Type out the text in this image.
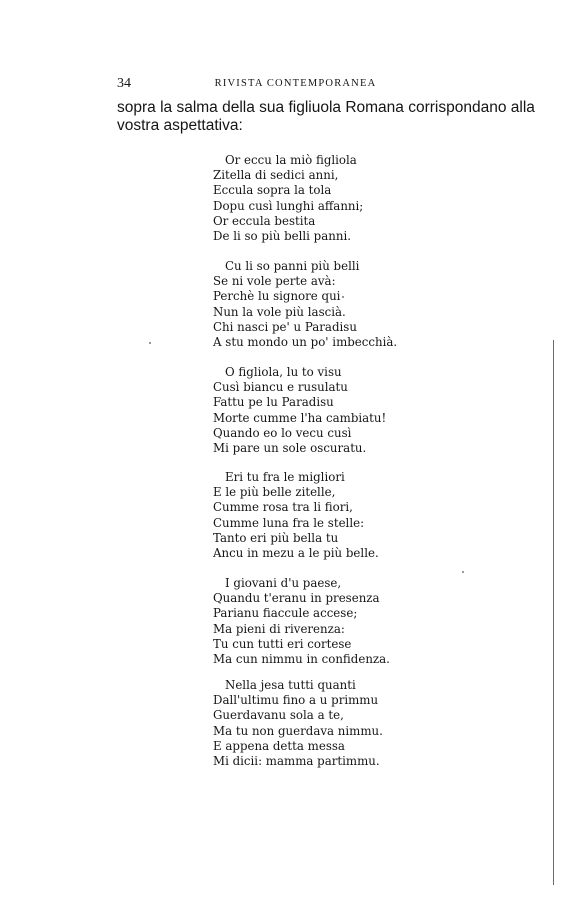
34	RIVISTA CONTEMPORANEA
sopra la salma della sua figliuola Romana corrispondano alla
vostra aspettativa:
Or eccu la miò figliola
Zitella di sedici anni,
Eccula sopra la tola
Dopu cusì lunghi affanni;
Or eccula bestita
De li so più belli panni.
Cu li so panni più belli
Se ni vole perte avà:
Perchè lu signore qui
Nun la vole più lascià.
Chi nasci pe' u Paradisu
A stu mondo un po' imbecchià.
O figliola, lu to visu
Cusì biancu e rusulatu
Fattu pe lu Paradisu
Morte cumme l'ha cambiatu!
Quando eo lo vecu cusì
Mi pare un sole oscuratu.
Eri tu fra le migliori
E le più belle zitelle,
Cumme rosa tra li fiori,
Cumme luna fra le stelle:
Tanto eri più bella tu
Ancu in mezu a le più belle.
I giovani d'u paese,
Quandu t'eranu in presenza
Parianu fiaccule accese;
Ma pieni di riverenza:
Tu cun tutti eri cortese
Ma cun nimmu in confidenza.
Nella jesa tutti quanti
Dall'ultimu fino a u primmu
Guerdavanu sola a te,
Ma tu non guerdava nimmu.
E appena detta messa
Mi dicii: mamma partimmu.
